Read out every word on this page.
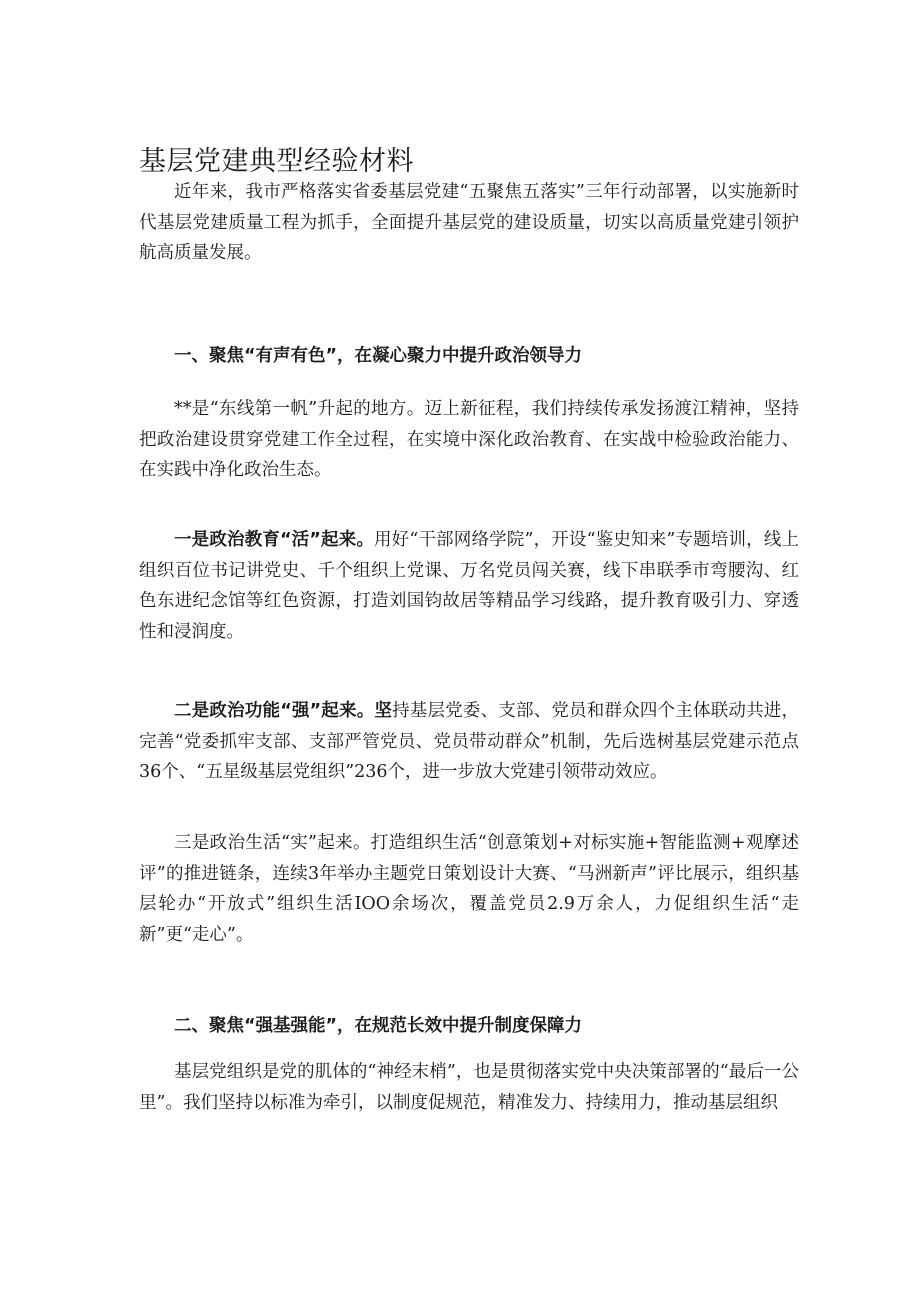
基层党建典型经验材料

近年来，我市严格落实省委基层党建“五聚焦五落实”三年行动部署，以实施新时代基层党建质量工程为抓手，全面提升基层党的建设质量，切实以高质量党建引领护航高质量发展。

一、聚焦“有声有色”，在凝心聚力中提升政治领导力

**是“东线第一帆”升起的地方。迈上新征程，我们持续传承发扬渡江精神，坚持把政治建设贯穿党建工作全过程，在实境中深化政治教育、在实战中检验政治能力、在实践中净化政治生态。

一是政治教育“活”起来。用好“干部网络学院”，开设“鉴史知来”专题培训，线上组织百位书记讲党史、千个组织上党课、万名党员闯关赛，线下串联季市弯腰沟、红色东进纪念馆等红色资源，打造刘国钧故居等精品学习线路，提升教育吸引力、穿透性和浸润度。

二是政治功能“强”起来。坚持基层党委、支部、党员和群众四个主体联动共进，完善“党委抓牢支部、支部严管党员、党员带动群众”机制，先后选树基层党建示范点36个、“五星级基层党组织”236个，进一步放大党建引领带动效应。

三是政治生活“实”起来。打造组织生活“创意策划+对标实施+智能监测+观摩述评”的推进链条，连续3年举办主题党日策划设计大赛、“马洲新声”评比展示，组织基层轮办“开放式”组织生活IOO余场次，覆盖党员2.9万余人，力促组织生活“走新”更“走心”。

二、聚焦“强基强能”，在规范长效中提升制度保障力

基层党组织是党的肌体的“神经末梢”，也是贯彻落实党中央决策部署的“最后一公里”。我们坚持以标准为牵引，以制度促规范，精准发力、持续用力，推动基层组织
